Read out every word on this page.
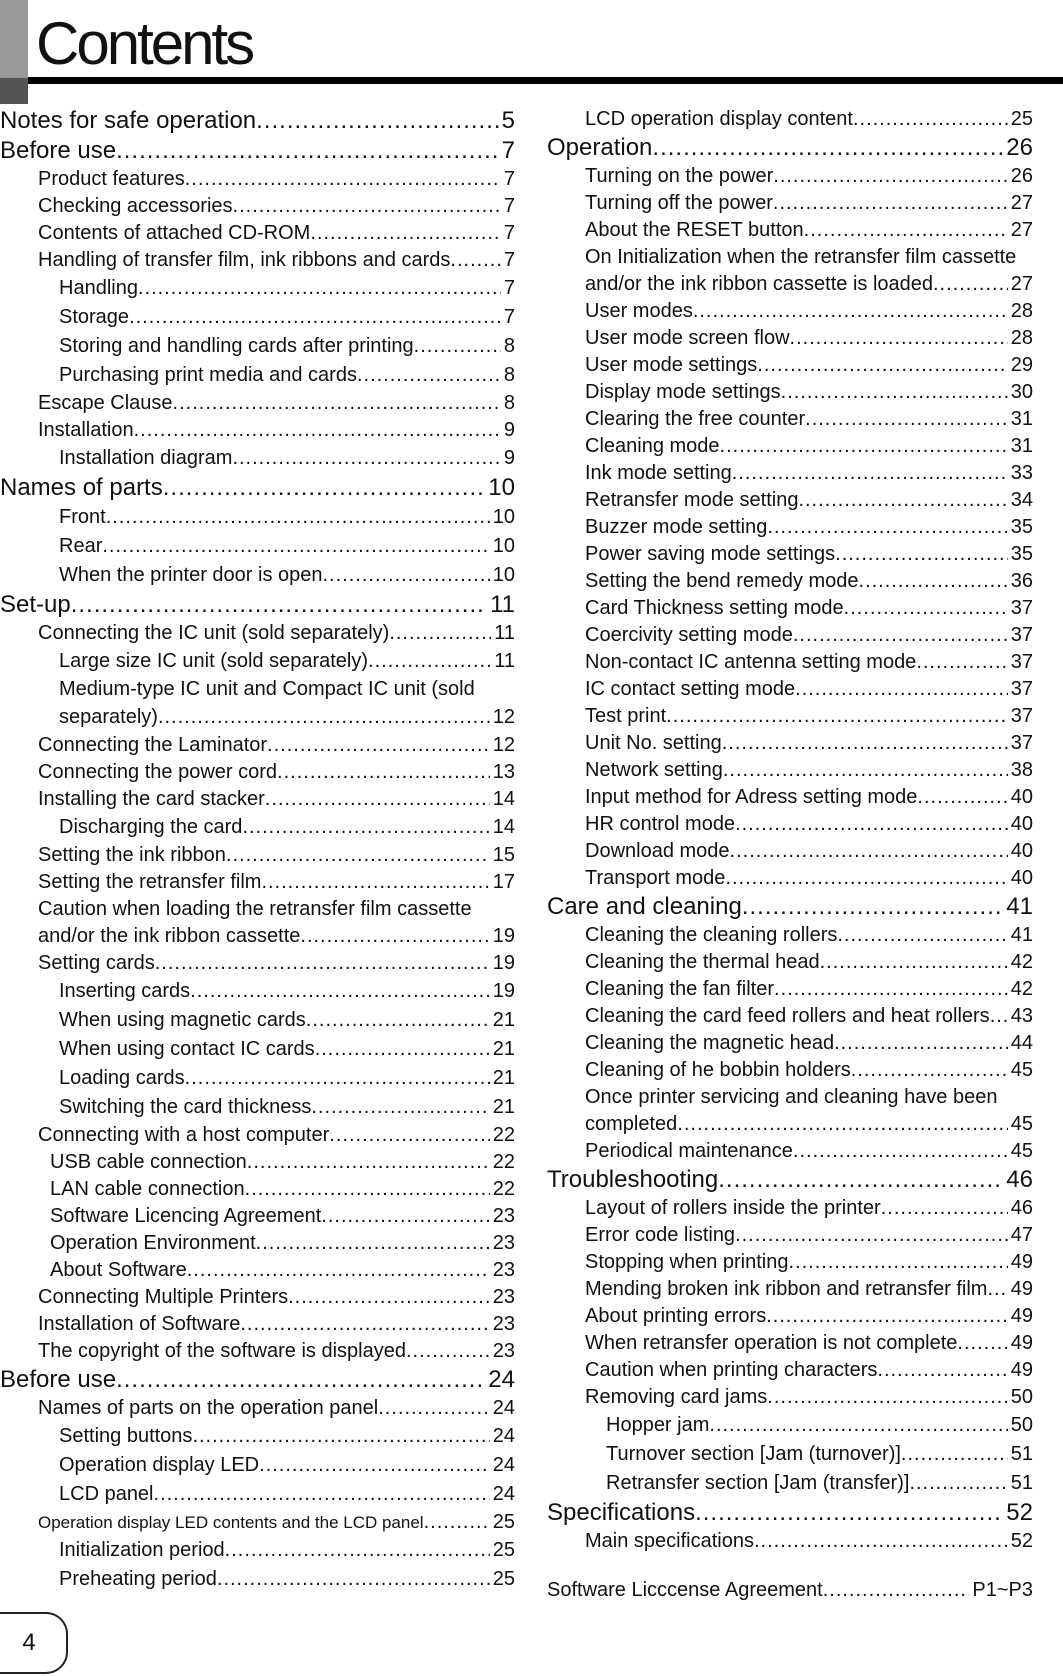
Contents
Notes for safe operation .....	5
Before use .....	7
Product features .....	7
Checking accessories .....	7
Contents of attached CD-ROM .....	7
Handling of transfer film, ink ribbons and cards .....	7
Handling .....	7
Storage .....	7
Storing and handling cards after printing .....	8
Purchasing print media and cards .....	8
Escape Clause .....	8
Installation .....	9
Installation diagram .....	9
Names of parts .....	10
Front .....	10
Rear .....	10
When the printer door is open .....	10
Set-up .....	11
Connecting the IC unit (sold separately) .....	11
Large size IC unit (sold separately) .....	11
Medium-type IC unit and Compact IC unit (sold
separately) .....	12
Connecting the Laminator .....	12
Connecting the power cord .....	13
Installing the card stacker .....	14
Discharging the card .....	14
Setting the ink ribbon .....	15
Setting the retransfer film .....	17
Caution when loading the retransfer film cassette
and/or the ink ribbon cassette .....	19
Setting cards .....	19
Inserting cards .....	19
When using magnetic cards .....	21
When using contact IC cards .....	21
Loading cards .....	21
Switching the card thickness .....	21
Connecting with a host computer .....	22
USB cable connection .....	22
LAN cable connection .....	22
Software Licencing Agreement .....	23
Operation Environment .....	23
About Software .....	23
Connecting Multiple Printers .....	23
Installation of Software .....	23
The copyright of the software is displayed .....	23
Before use .....	24
Names of parts on the operation panel .....	24
Setting buttons .....	24
Operation display LED .....	24
LCD panel .....	24
Operation display LED contents and the LCD panel .....	25
Initialization period .....	25
Preheating period .....	25
LCD operation display content .....	25
Operation .....	26
Turning on the power .....	26
Turning off the power .....	27
About the RESET button .....	27
On Initialization when the retransfer film cassette
and/or the ink ribbon cassette is loaded .....	27
User modes .....	28
User mode screen flow .....	28
User mode settings .....	29
Display mode settings .....	30
Clearing the free counter .....	31
Cleaning mode .....	31
Ink mode setting .....	33
Retransfer mode setting .....	34
Buzzer mode setting .....	35
Power saving mode settings .....	35
Setting the bend remedy mode .....	36
Card Thickness setting mode .....	37
Coercivity setting mode .....	37
Non-contact IC antenna setting mode .....	37
IC contact setting mode .....	37
Test print .....	37
Unit No. setting .....	37
Network setting .....	38
Input method for Adress setting mode .....	40
HR control mode .....	40
Download mode .....	40
Transport mode .....	40
Care and cleaning .....	41
Cleaning the cleaning rollers .....	41
Cleaning the thermal head .....	42
Cleaning the fan filter .....	42
Cleaning the card feed rollers and heat rollers ..... 43
Cleaning the magnetic head .....	44
Cleaning of he bobbin holders .....	45
Once printer servicing and cleaning have been
completed .....	45
Periodical maintenance .....	45
Troubleshooting .....	46
Layout of rollers inside the printer .....	46
Error code listing .....	47
Stopping when printing .....	49
Mending broken ink ribbon and retransfer film ..... 49
About printing errors .....	49
When retransfer operation is not complete .....	49
Caution when printing characters .....	49
Removing card jams .....	50
Hopper jam .....	50
Turnover section [Jam (turnover)] .....	51
Retransfer section [Jam (transfer)] .....	51
Specifications .....	52
Main specifications .....	52
Software Licccense Agreement .....	P1~P3
4
